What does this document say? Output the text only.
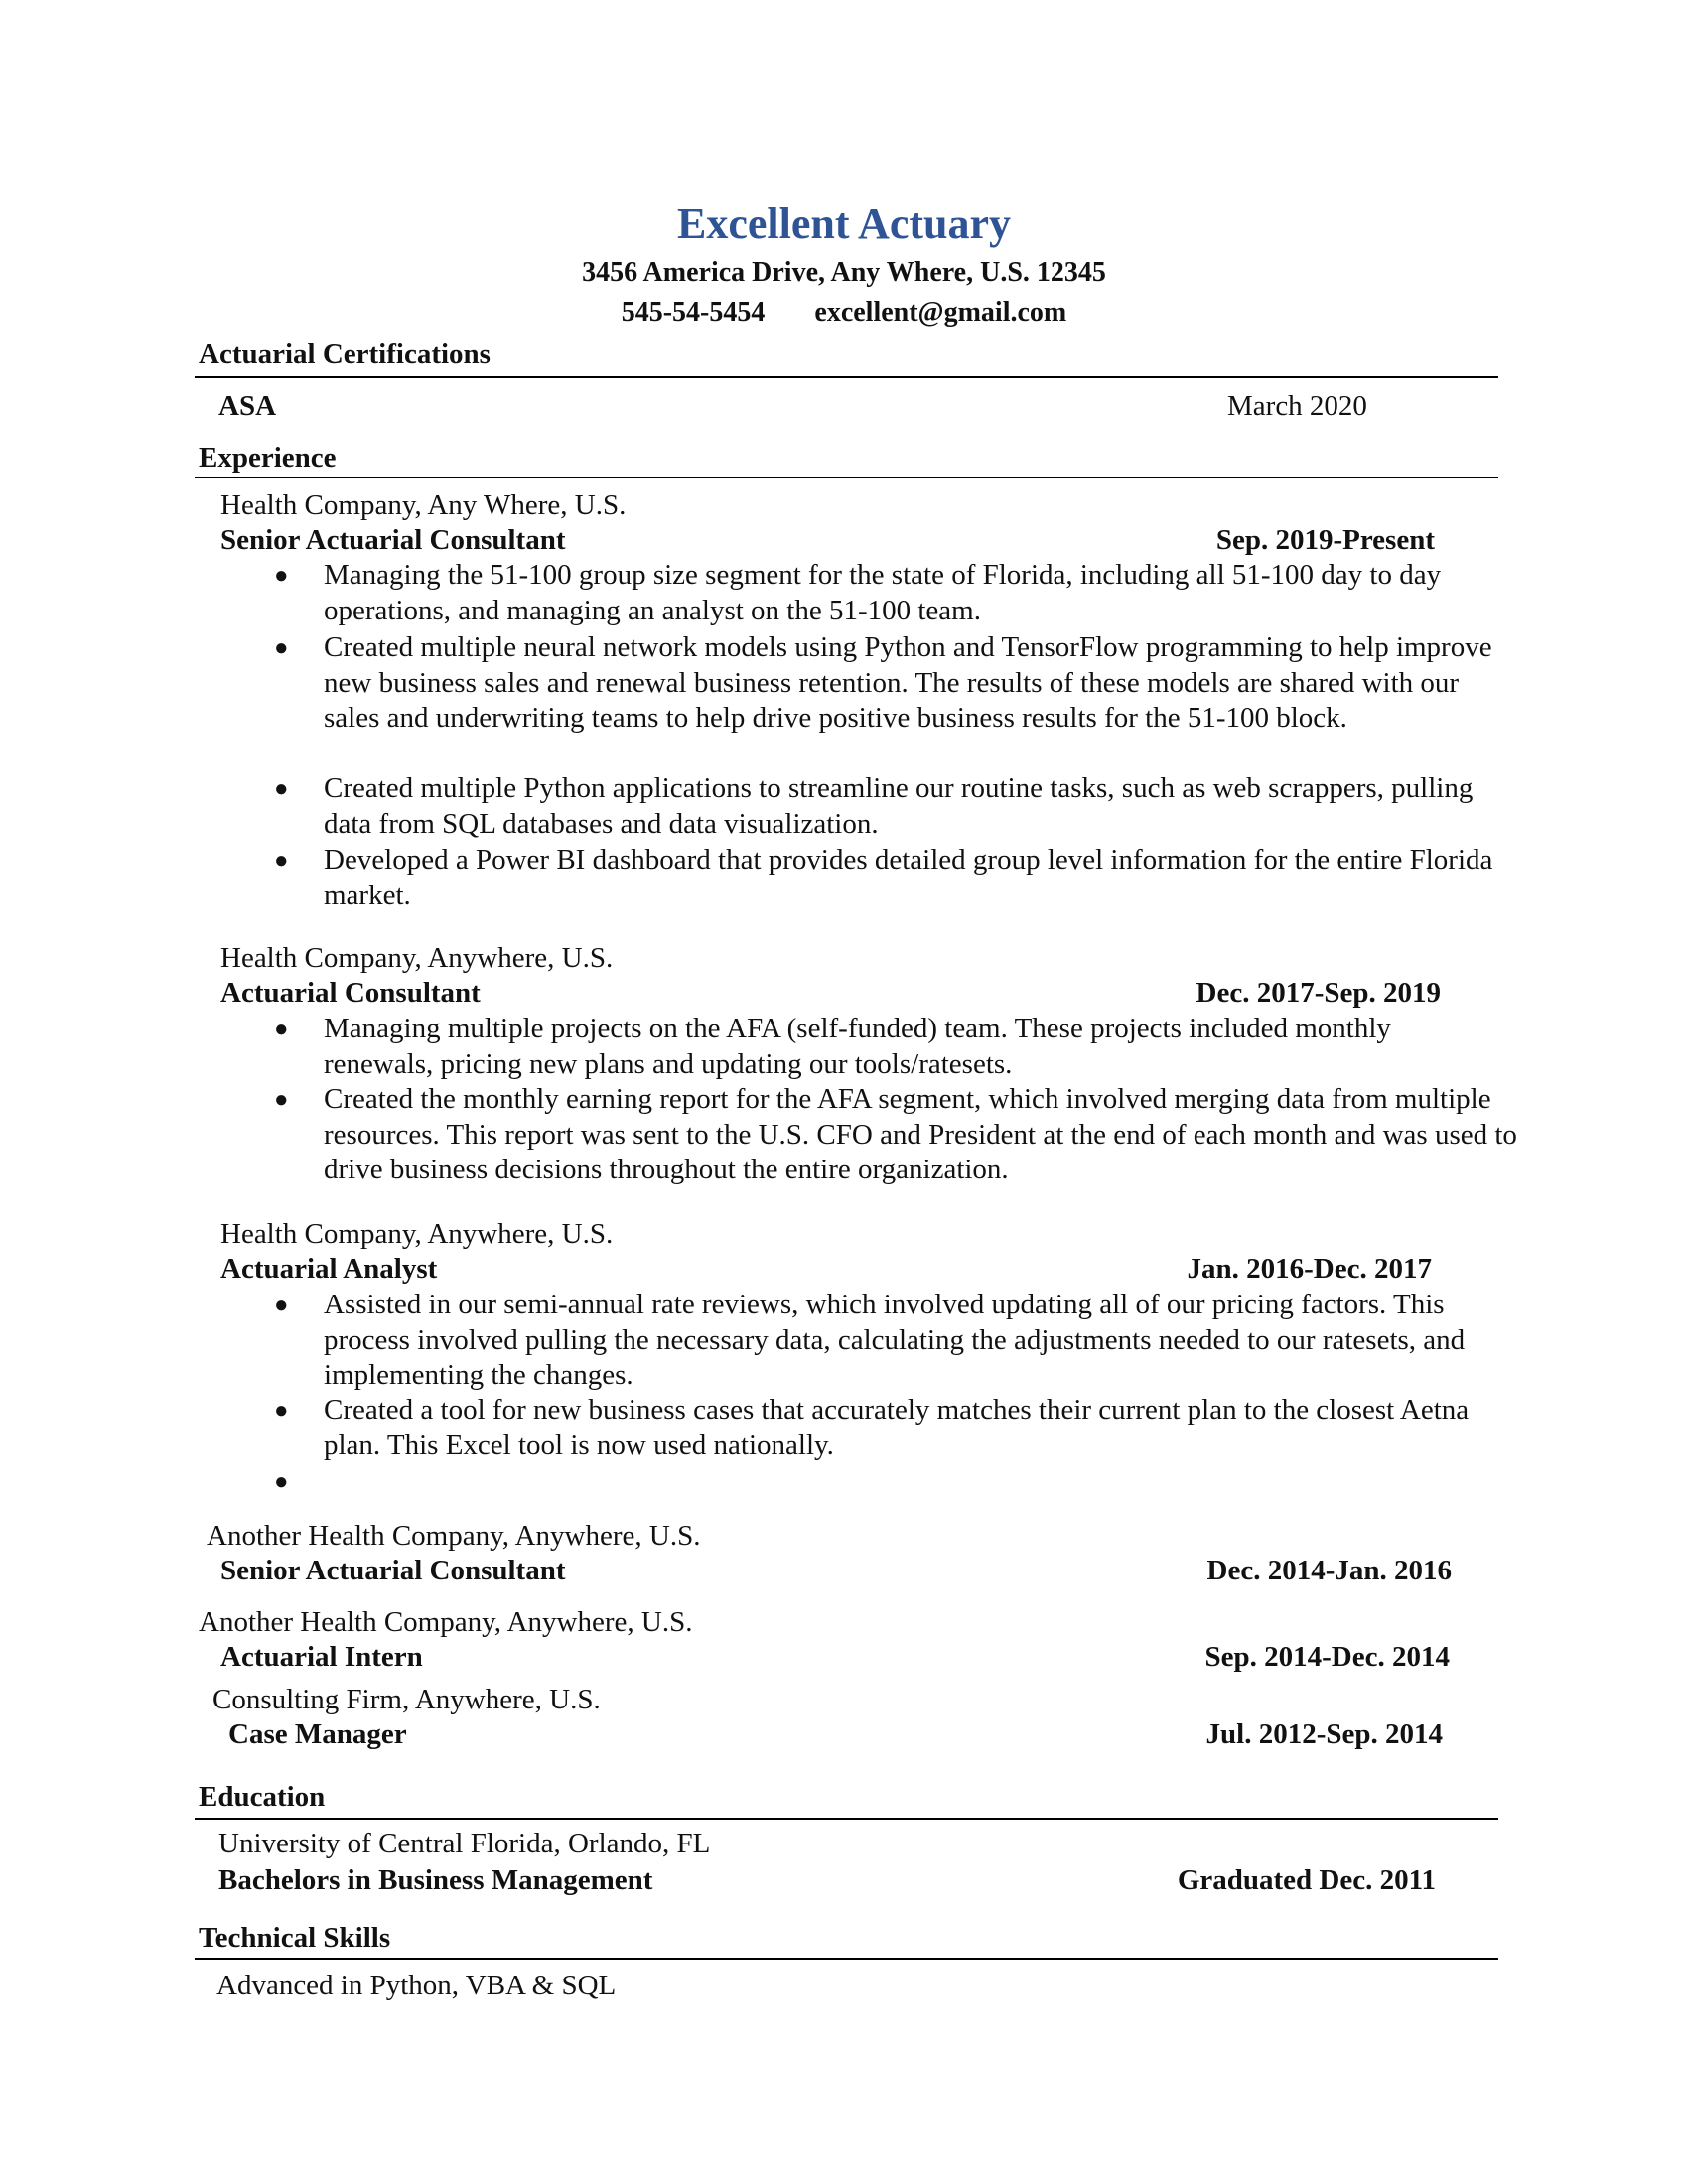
Excellent Actuary
3456 America Drive, Any Where, U.S. 12345
545-54-5454 excellent@gmail.com
Actuarial Certifications
ASA	March 2020
Experience
Health Company, Any Where, U.S.
Senior Actuarial Consultant	Sep. 2019-Present
● Managing the 51-100 group size segment for the state of Florida, including all 51-100 day to day operations, and managing an analyst on the 51-100 team.
● Created multiple neural network models using Python and TensorFlow programming to help improve new business sales and renewal business retention. The results of these models are shared with our sales and underwriting teams to help drive positive business results for the 51-100 block.
● Created multiple Python applications to streamline our routine tasks, such as web scrappers, pulling data from SQL databases and data visualization.
● Developed a Power BI dashboard that provides detailed group level information for the entire Florida market.
Health Company, Anywhere, U.S.
Actuarial Consultant	Dec. 2017-Sep. 2019
● Managing multiple projects on the AFA (self-funded) team. These projects included monthly renewals, pricing new plans and updating our tools/ratesets.
● Created the monthly earning report for the AFA segment, which involved merging data from multiple resources. This report was sent to the U.S. CFO and President at the end of each month and was used to drive business decisions throughout the entire organization.
Health Company, Anywhere, U.S.
Actuarial Analyst	Jan. 2016-Dec. 2017
● Assisted in our semi-annual rate reviews, which involved updating all of our pricing factors. This process involved pulling the necessary data, calculating the adjustments needed to our ratesets, and implementing the changes.
● Created a tool for new business cases that accurately matches their current plan to the closest Aetna plan. This Excel tool is now used nationally.
●
Another Health Company, Anywhere, U.S.
Senior Actuarial Consultant	Dec. 2014-Jan. 2016
Another Health Company, Anywhere, U.S.
Actuarial Intern	Sep. 2014-Dec. 2014
Consulting Firm, Anywhere, U.S.
Case Manager	Jul. 2012-Sep. 2014
Education
University of Central Florida, Orlando, FL
Bachelors in Business Management	Graduated Dec. 2011
Technical Skills
Advanced in Python, VBA & SQL
